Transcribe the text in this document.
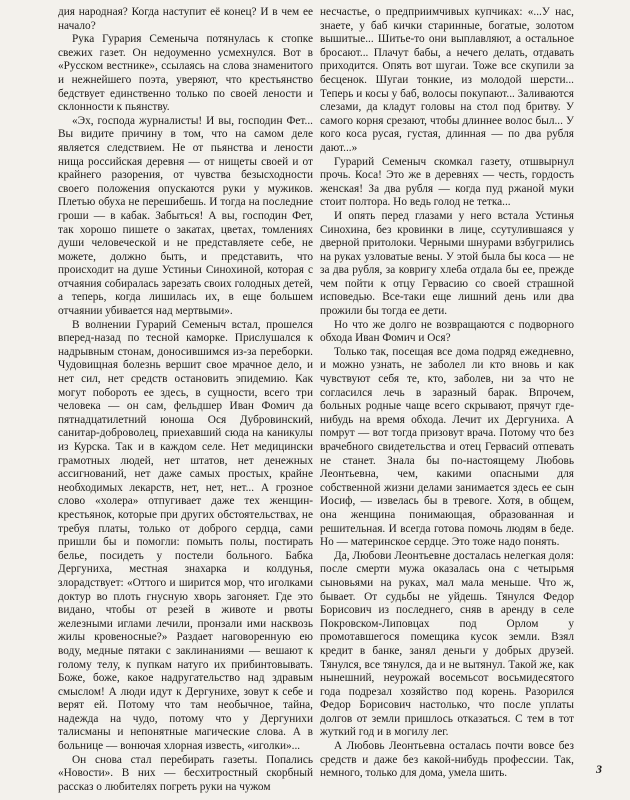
дия народная? Когда наступит её конец? И в чем ее начало?

Рука Гурария Семеныча потянулась к стопке свежих газет. Он недоуменно усмехнулся. Вот в «Русском вестнике», ссылаясь на слова знаменитого и нежнейшего поэта, уверяют, что крестьянство бедствует единственно только по своей лености и склонности к пьянству.

«Эх, господа журналисты! И вы, господин Фет... Вы видите причину в том, что на самом деле является следствием. Не от пьянства и лености нища российская деревня — от нищеты своей и от крайнего разорения, от чувства безысходности своего положения опускаются руки у мужиков. Плетью обуха не перешибешь. И тогда на последние гроши — в кабак. Забыться! А вы, господин Фет, так хорошо пишете о закатах, цветах, томлениях души человеческой и не представляете себе, не можете, должно быть, и представить, что происходит на душе Устиньи Синохиной, которая с отчаяния собиралась зарезать своих голодных детей, а теперь, когда лишилась их, в еще большем отчаянии убивается над мертвыми».

В волнении Гурарий Семеныч встал, прошелся вперед-назад по тесной каморке. Прислушался к надрывным стонам, доносившимся из-за переборки. Чудовищная болезнь вершит свое мрачное дело, и нет сил, нет средств остановить эпидемию. Как могут побороть ее здесь, в сущности, всего три человека — он сам, фельдшер Иван Фомич да пятнадцатилетний юноша Ося Дубровинский, санитар-доброволец, приехавший сюда на каникулы из Курска. Так и в каждом селе. Нет медицински грамотных людей, нет штатов, нет денежных ассигнований, нет даже самых простых, крайне необходимых лекарств, нет, нет, нет... А грозное слово «холера» отпугивает даже тех женщин-крестьянок, которые при других обстоятельствах, не требуя платы, только от доброго сердца, сами пришли бы и помогли: помыть полы, постирать белье, посидеть у постели больного. Бабка Дергуниха, местная знахарка и колдунья, злорадствует: «Оттого и ширится мор, что иголками доктур во плоть гнусную хворь загоняет. Где это видано, чтобы от резей в животе и рвоты железными иглами лечили, пронзали ими насквозь жилы кровеносные?» Раздает наговоренную ею воду, медные пятаки с заклинаниями — вешают к голому телу, к пупкам натуго их прибинтовывать. Боже, боже, какое надругательство над здравым смыслом! А люди идут к Дергунихе, зовут к себе и верят ей. Потому что там необычное, тайна, надежда на чудо, потому что у Дергунихи талисманы и непонятные магические слова. А в больнице — вонючая хлорная известь, «иголки»...

Он снова стал перебирать газеты. Попались «Новости». В них — бесхитростный скорбный рассказ о любителях погреть руки на чужом

несчастье, о предприимчивых купчиках: «...У нас, знаете, у баб кички старинные, богатые, золотом вышитые... Шитье-то они выплавляют, а остальное бросают... Плачут бабы, а нечего делать, отдавать приходится. Опять вот шугаи. Тоже все скупили за бесценок. Шугаи тонкие, из молодой шерсти... Теперь и косы у баб, волосы покупают... Заливаются слезами, да кладут головы на стол под бритву. У самого корня срезают, чтобы длиннее волос был... У кого коса русая, густая, длинная — по два рубля дают...»

Гурарий Семеныч скомкал газету, отшвырнул прочь. Коса! Это же в деревнях — честь, гордость женская! За два рубля — когда пуд ржаной муки стоит полтора. Но ведь голод не тетка...

И опять перед глазами у него встала Устинья Синохина, без кровинки в лице, ссутулившаяся у дверной притолоки. Черными шнурами взбугрились на руках узловатые вены. У этой была бы коса — не за два рубля, за ковригу хлеба отдала бы ее, прежде чем пойти к отцу Гервасию со своей страшной исповедью. Все-таки еще лишний день или два прожили бы тогда ее дети.

Но что же долго не возвращаются с подворного обхода Иван Фомич и Ося?

Только так, посещая все дома подряд ежедневно, и можно узнать, не заболел ли кто вновь и как чувствуют себя те, кто, заболев, ни за что не согласился лечь в заразный барак. Впрочем, больных родные чаще всего скрывают, прячут где-нибудь на время обхода. Лечит их Дергуниха. А помрут — вот тогда призовут врача. Потому что без врачебного свидетельства и отец Гервасий отпевать не станет. Знала бы по-настоящему Любовь Леонтьевна, чем, какими опасными для собственной жизни делами занимается здесь ее сын Иосиф, — извелась бы в тревоге. Хотя, в общем, она женщина понимающая, образованная и решительная. И всегда готова помочь людям в беде. Но — материнское сердце. Это тоже надо понять.

Да, Любови Леонтьевне досталась нелегкая доля: после смерти мужа оказалась она с четырьмя сыновьями на руках, мал мала меньше. Что ж, бывает. От судьбы не уйдешь. Тянулся Федор Борисович из последнего, сняв в аренду в селе Покровском-Липовцах под Орлом у промотавшегося помещика кусок земли. Взял кредит в банке, занял деньги у добрых друзей. Тянулся, все тянулся, да и не вытянул. Такой же, как нынешний, неурожай восемьсот восьмидесятого года подрезал хозяйство под корень. Разорился Федор Борисович настолько, что после уплаты долгов от земли пришлось отказаться. С тем в тот жуткий год и в могилу лег.

А Любовь Леонтьевна осталась почти вовсе без средств и даже без какой-нибудь профессии. Так, немного, только для дома, умела шить.	3
